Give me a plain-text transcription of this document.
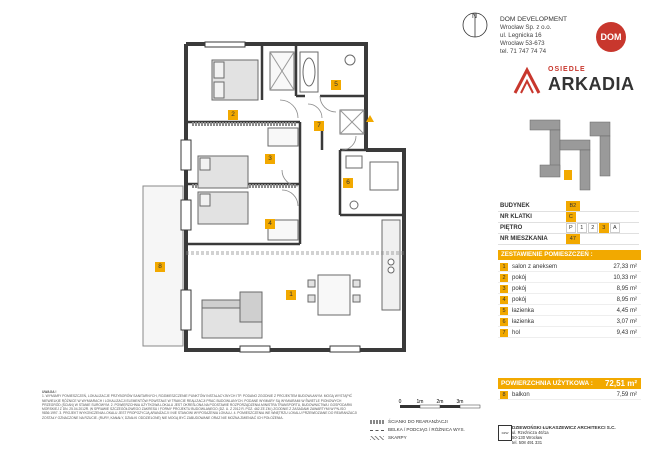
1
2
3
4
5
6
7
8
N	DOM DEVELOPMENT
Wrocław Sp. z o.o.
ul. Legnicka 16
Wrocław 53-673
tel. 71 747 74 74
DOM
OSIEDLE
ARKADIA
BUDYNEK	B2
NR KLATKI	C
PIĘTRO	P 1 2 3 A
NR MIESZKANIA	47
ZESTAWIENIE POMIESZCZEŃ :
1	salon z aneksem	27,33 m²
2	pokój	10,33 m²
3	pokój	8,95 m²
4	pokój	8,95 m²
5	łazienka	4,45 m²
6	łazienka	3,07 m²
7	hol	9,43 m²
POWIERZCHNIA UŻYTKOWA : 72,51 m²
8	balkon	7,59 m²
UWAGA !
1. WYMIARY POMIESZCZEŃ, LOKALIZACJE PRZYBORÓW SANITARNYCH, ROZMIESZCZENIE PUNKTÓW INSTALACYJNYCH ITP. PODANO ZGODNIE Z PROJEKTEM BUDOWLANYM. MOGĄ WYSTĄPIĆ NIEWIELKIE RÓŻNICE W WYMIARACH I LOKALIZACJI ELEMENTÓW POWSTAŁE W TRAKCIE REALIZACJI PRAC BUDOWLANYCH. PODANE WYMIARY SĄ WYMIARAMI W ŚWIETLE PIONOWYCH PRZEGRÓD (ŚCIAN) W STANIE SUROWYM. 2. POWIERZCHNIA UŻYTKOWA LOKALU JEST OKREŚLONA NA PODSTAWIE ROZPORZĄDZENIA MINISTRA TRANSPORTU, BUDOWNICTWA I GOSPODARKI MORSKIEJ Z DN. 25.04.2012R. W SPRAWIE SZCZEGÓŁOWEGO ZAKRESU I FORMY PROJEKTU BUDOWLANEGO (DZ. U. Z 2012 R. POZ. 462 ZE ZM.) ZGODNIE Z ZASADAMI ZAWARTYMI W PN-ISO 9836:1997. 3. PROJEKT WYKOŃCZENIA LOKALU JEST PROPOZYCJĄ ARANŻACJI I NIE STANOWI WYPOSAŻENIA LOKALU. 4. POMIESZCZENIA WE WNĘTRZU LOKALU PRZEWIDZIANE DO REARANŻACJI ZOSTAŁY OZNACZONE NA RZUCIE. (RURY, KANAŁY, DZIAŁKI ODDZIELONE) NIE MOGĄ BYĆ ZABUDOWANE ORAZ NIE MOŻNA ZMIENIAĆ ICH POŁOŻENIA.
0	1m	2m	3m
ŚCIANKI DO REARANŻACJI
BELKA / PODCIĄG / RÓŻNICA WYS.
SKARPY
DZW
DZIEWOŃSKI ŁUKASZEWICZ ARCHITEKCI S.C.
ul. Rzeźnicza 46/1a
50-130 Wrocław
tel. 508 491 331
